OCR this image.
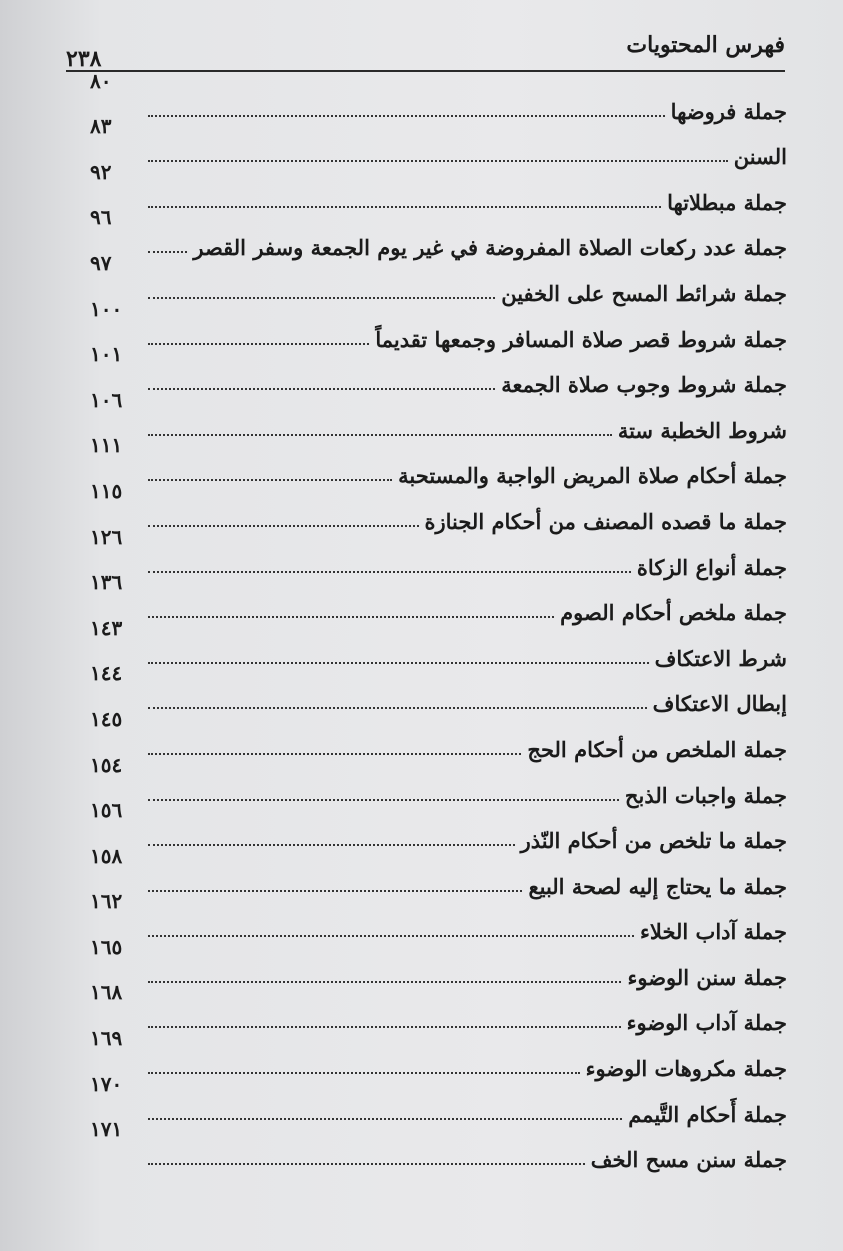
فهرس المحتويات
٢٣٨
جملة فروضها
٨٠
السنن
٨٣
جملة مبطلاتها
٩٢
جملة عدد ركعات الصلاة المفروضة في غير يوم الجمعة وسفر القصر
٩٦
جملة شرائط المسح على الخفين
٩٧
جملة شروط قصر صلاة المسافر وجمعها تقديماً
١٠٠
جملة شروط وجوب صلاة الجمعة
١٠١
شروط الخطبة ستة
١٠٦
جملة أحكام صلاة المريض الواجبة والمستحبة
١١١
جملة ما قصده المصنف من أحكام الجنازة
١١٥
جملة أنواع الزكاة
١٢٦
جملة ملخص أحكام الصوم
١٣٦
شرط الاعتكاف
١٤٣
إبطال الاعتكاف
١٤٤
جملة الملخص من أحكام الحج
١٤٥
جملة واجبات الذبح
١٥٤
جملة ما تلخص من أحكام النّذر
١٥٦
جملة ما يحتاج إليه لصحة البيع
١٥٨
جملة آداب الخلاء
١٦٢
جملة سنن الوضوء
١٦٥
جملة آداب الوضوء
١٦٨
جملة مكروهات الوضوء
١٦٩
جملة أَحكام التَّيمم
١٧٠
جملة سنن مسح الخف
١٧١
